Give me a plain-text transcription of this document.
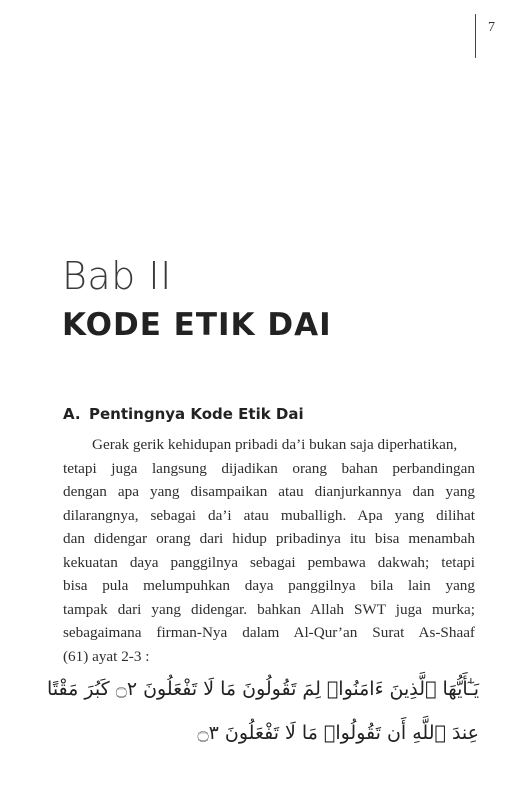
7
Bab II
KODE ETIK DAI
A. Pentingnya Kode Etik Dai
Gerak gerik kehidupan pribadi da’i bukan saja diperhatikan,
tetapi juga langsung dijadikan orang bahan perbandingan
dengan apa yang disampaikan atau dianjurkannya dan yang
dilarangnya, sebagai da’i atau muballigh. Apa yang dilihat
dan didengar orang dari hidup pribadinya itu bisa menambah
kekuatan daya panggilnya sebagai pembawa dakwah; tetapi
bisa pula melumpuhkan daya panggilnya bila lain yang
tampak dari yang didengar. bahkan Allah SWT juga murka;
sebagaimana firman-Nya dalam Al-Qur’an Surat As-Shaaf
(61) ayat 2-3 :
يَـٰٓأَيُّهَا ٱلَّذِينَ ءَامَنُوا۟ لِمَ تَقُولُونَ مَا لَا تَفْعَلُونَ ۝٢ كَبُرَ مَقْتًا
عِندَ ٱللَّهِ أَن تَقُولُوا۟ مَا لَا تَفْعَلُونَ ۝٣
